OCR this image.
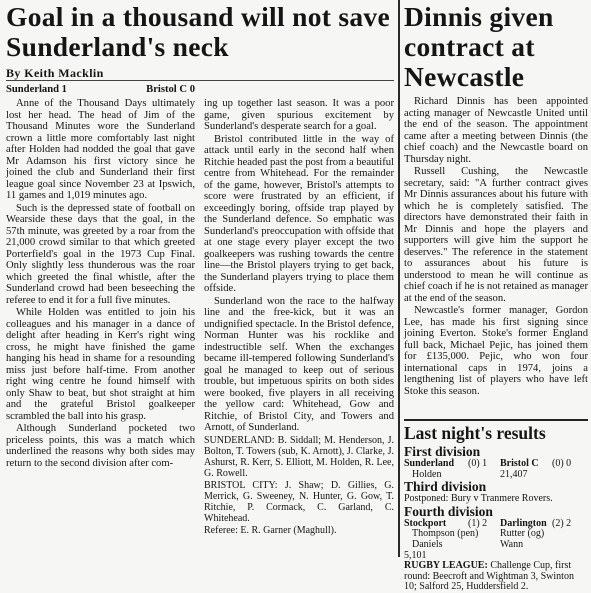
Goal in a thousand will not save Sunderland's neck
By Keith Macklin
Sunderland 1	Bristol C 0

Anne of the Thousand Days ultimately lost her head. The head of Jim of the Thousand Minutes wore the Sunderland crown a little more comfortably last night after Holden had nodded the goal that gave Mr Adamson his first victory since he joined the club and Sunderland their first league goal since November 23 at Ipswich, 11 games and 1,019 minutes ago.

Such is the depressed state of football on Wearside these days that the goal, in the 57th minute, was greeted by a roar from the 21,000 crowd similar to that which greeted Porterfield's goal in the 1973 Cup Final. Only slightly less thunderous was the roar which greeted the final whistle, after the Sunderland crowd had been beseeching the referee to end it for a full five minutes.

While Holden was entitled to join his colleagues and his manager in a dance of delight after heading in Kerr's right wing cross, he might have finished the game hanging his head in shame for a resounding miss just before half-time. From another right wing centre he found himself with only Shaw to beat, but shot straight at him and the grateful Bristol goalkeeper scrambled the ball into his grasp.

Although Sunderland pocketed two priceless points, this was a match which underlined the reasons why both sides may return to the second division after com-

ing up together last season. It was a poor game, given spurious excitement by Sunderland's desperate search for a goal.

Bristol contributed little in the way of attack until early in the second half when Ritchie headed past the post from a beautiful centre from Whitehead. For the remainder of the game, however, Bristol's attempts to score were frustrated by an efficient, if exceedingly boring, offside trap played by the Sunderland defence. So emphatic was Sunderland's preoccupation with offside that at one stage every player except the two goalkeepers was rushing towards the centre line—the Bristol players trying to get back, the Sunderland players trying to place them offside.

Sunderland won the race to the halfway line and the free-kick, but it was an undignified spectacle. In the Bristol defence, Norman Hunter was his rocklike and indestructible self. When the exchanges became ill-tempered following Sunderland's goal he managed to keep out of serious trouble, but impetuous spirits on both sides were booked, five players in all receiving the yellow card: Whitehead, Gow and Ritchie, of Bristol City, and Towers and Arnott, of Sunderland.

SUNDERLAND: B. Siddall; M. Henderson, J. Bolton, T. Towers (sub, K. Arnott), J. Clarke, J. Ashurst, R. Kerr, S. Elliott, M. Holden, R. Lee, G. Rowell.

BRISTOL CITY: J. Shaw; D. Gillies, G. Merrick, G. Sweeney, N. Hunter, G. Gow, T. Ritchie, P. Cormack, C. Garland, C. Whitehead.

Referee: E. R. Garner (Maghull).

Dinnis given contract at Newcastle

Richard Dinnis has been appointed acting manager of Newcastle United until the end of the season. The appointment came after a meeting between Dinnis (the chief coach) and the Newcastle board on Thursday night.

Russell Cushing, the Newcastle secretary, said: "A further contract gives Mr Dinnis assurances about his future with which he is completely satisfied. The directors have demonstrated their faith in Mr Dinnis and hope the players and supporters will give him the support he deserves." The reference in the statement to assurances about his future is understood to mean he will continue as chief coach if he is not retained as manager at the end of the season.

Newcastle's former manager, Gordon Lee, has made his first signing since joining Everton. Stoke's former England full back, Michael Pejic, has joined them for £135,000. Pejic, who won four international caps in 1974, joins a lengthening list of players who have left Stoke this season.

Last night's results
First division
Sunderland	(0) 1	Bristol C	(0) 0
Holden	21,407
Third division
Postponed: Bury v Tranmere Rovers.
Fourth division
Stockport	(1) 2	Darlington (2) 2
Thompson (pen)	Rutter (og)
Daniels	Wann
5,101
RUGBY LEAGUE: Challenge Cup, first round: Beecroft and Wightman 3, Swinton 10; Salford 25, Huddersfield 2.
